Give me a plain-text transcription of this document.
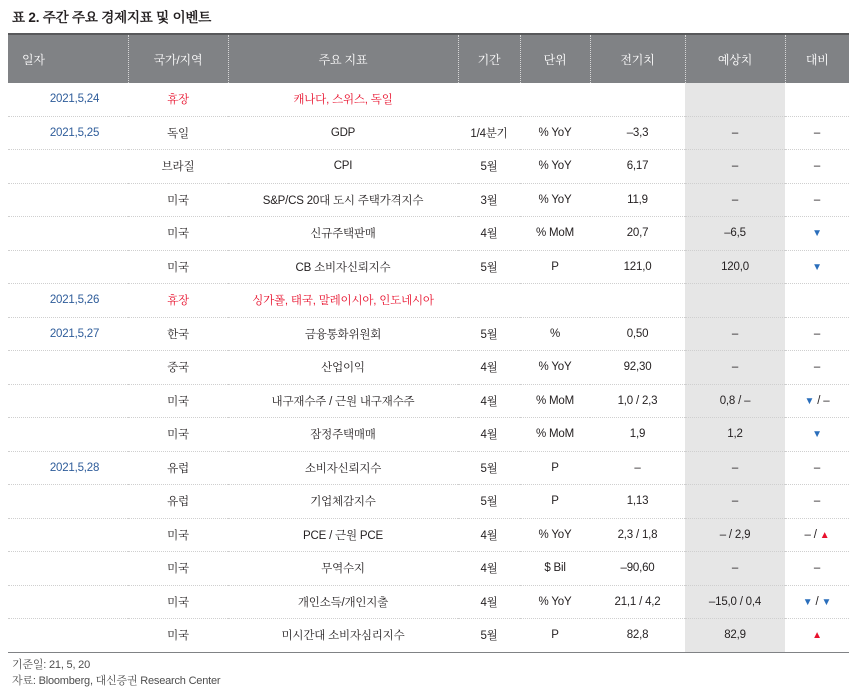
표 2. 주간 주요 경제지표 및 이벤트
일자	국가/지역	주요 지표	기간	단위	전기치	예상치	대비
2021,5,24	휴장	캐나다, 스위스, 독일					
2021,5,25	독일	GDP	1/4분기	% YoY	–3,3	–	–
	브라질	CPI	5월	% YoY	6,17	–	–
	미국	S&P/CS 20대 도시 주택가격지수	3월	% YoY	11,9	–	–
	미국	신규주택판매	4월	% MoM	20,7	–6,5	▼
	미국	CB 소비자신뢰지수	5월	P	121,0	120,0	▼
2021,5,26	휴장	싱가폴, 태국, 말레이시아, 인도네시아					
2021,5,27	한국	금융통화위원회	5월	%	0,50	–	–
	중국	산업이익	4월	% YoY	92,30	–	–
	미국	내구재수주 / 근원 내구재수주	4월	% MoM	1,0 / 2,3	0,8 / –	▼ / –
	미국	잠정주택매매	4월	% MoM	1,9	1,2	▼
2021,5,28	유럽	소비자신뢰지수	5월	P	–	–	–
	유럽	기업체감지수	5월	P	1,13	–	–
	미국	PCE / 근원 PCE	4월	% YoY	2,3 / 1,8	– / 2,9	– / ▲
	미국	무역수지	4월	$ Bil	–90,60	–	–
	미국	개인소득/개인지출	4월	% YoY	21,1 / 4,2	–15,0 / 0,4	▼ / ▼
	미국	미시간대 소비자심리지수	5월	P	82,8	82,9	▲
기준일: 21, 5, 20
자료: Bloomberg, 대신증권 Research Center
